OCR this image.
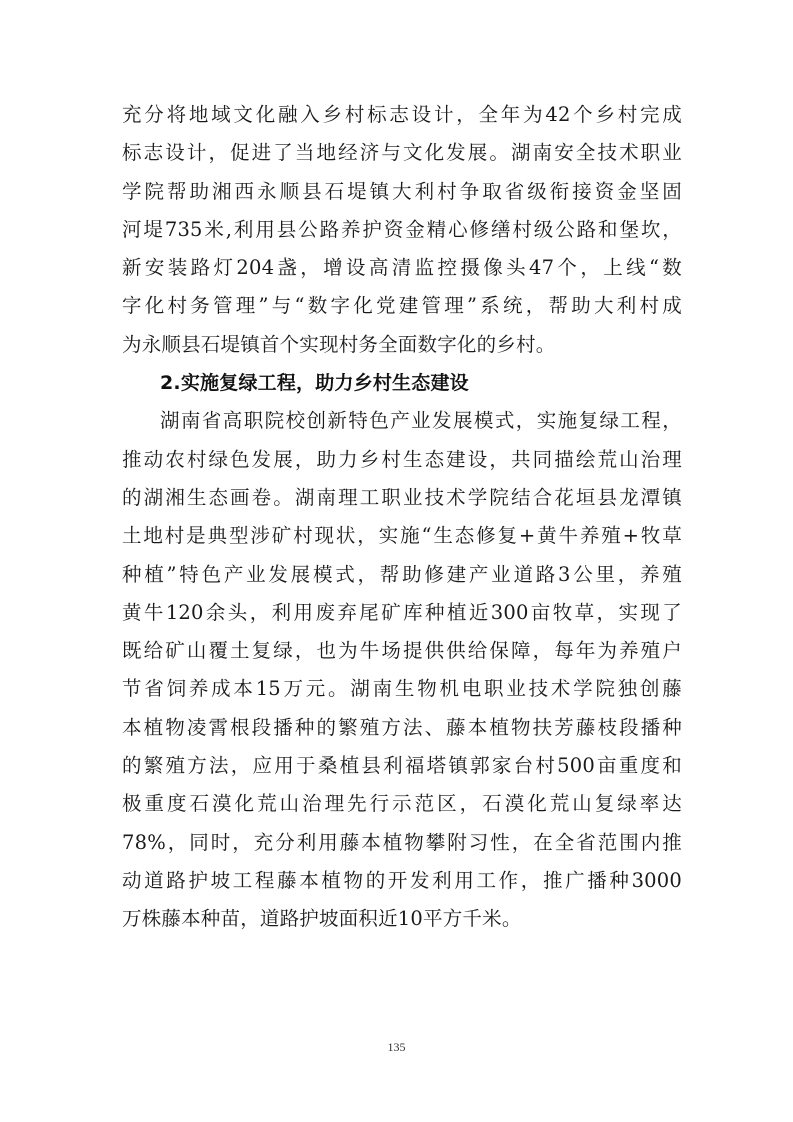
充分将地域文化融入乡村标志设计，全年为42个乡村完成
标志设计，促进了当地经济与文化发展。湖南安全技术职业
学院帮助湘西永顺县石堤镇大利村争取省级衔接资金坚固
河堤735米,利用县公路养护资金精心修缮村级公路和堡坎，
新安装路灯204盏，增设高清监控摄像头47个，上线“数
字化村务管理”与“数字化党建管理”系统，帮助大利村成
为永顺县石堤镇首个实现村务全面数字化的乡村。
2.实施复绿工程，助力乡村生态建设
湖南省高职院校创新特色产业发展模式，实施复绿工程，
推动农村绿色发展，助力乡村生态建设，共同描绘荒山治理
的湖湘生态画卷。湖南理工职业技术学院结合花垣县龙潭镇
土地村是典型涉矿村现状，实施“生态修复+黄牛养殖+牧草
种植”特色产业发展模式，帮助修建产业道路3公里，养殖
黄牛120余头，利用废弃尾矿库种植近300亩牧草，实现了
既给矿山覆土复绿，也为牛场提供供给保障，每年为养殖户
节省饲养成本15万元。湖南生物机电职业技术学院独创藤
本植物凌霄根段播种的繁殖方法、藤本植物扶芳藤枝段播种
的繁殖方法，应用于桑植县利福塔镇郭家台村500亩重度和
极重度石漠化荒山治理先行示范区，石漠化荒山复绿率达
78%，同时，充分利用藤本植物攀附习性，在全省范围内推
动道路护坡工程藤本植物的开发利用工作，推广播种3000
万株藤本种苗，道路护坡面积近10平方千米。
135
